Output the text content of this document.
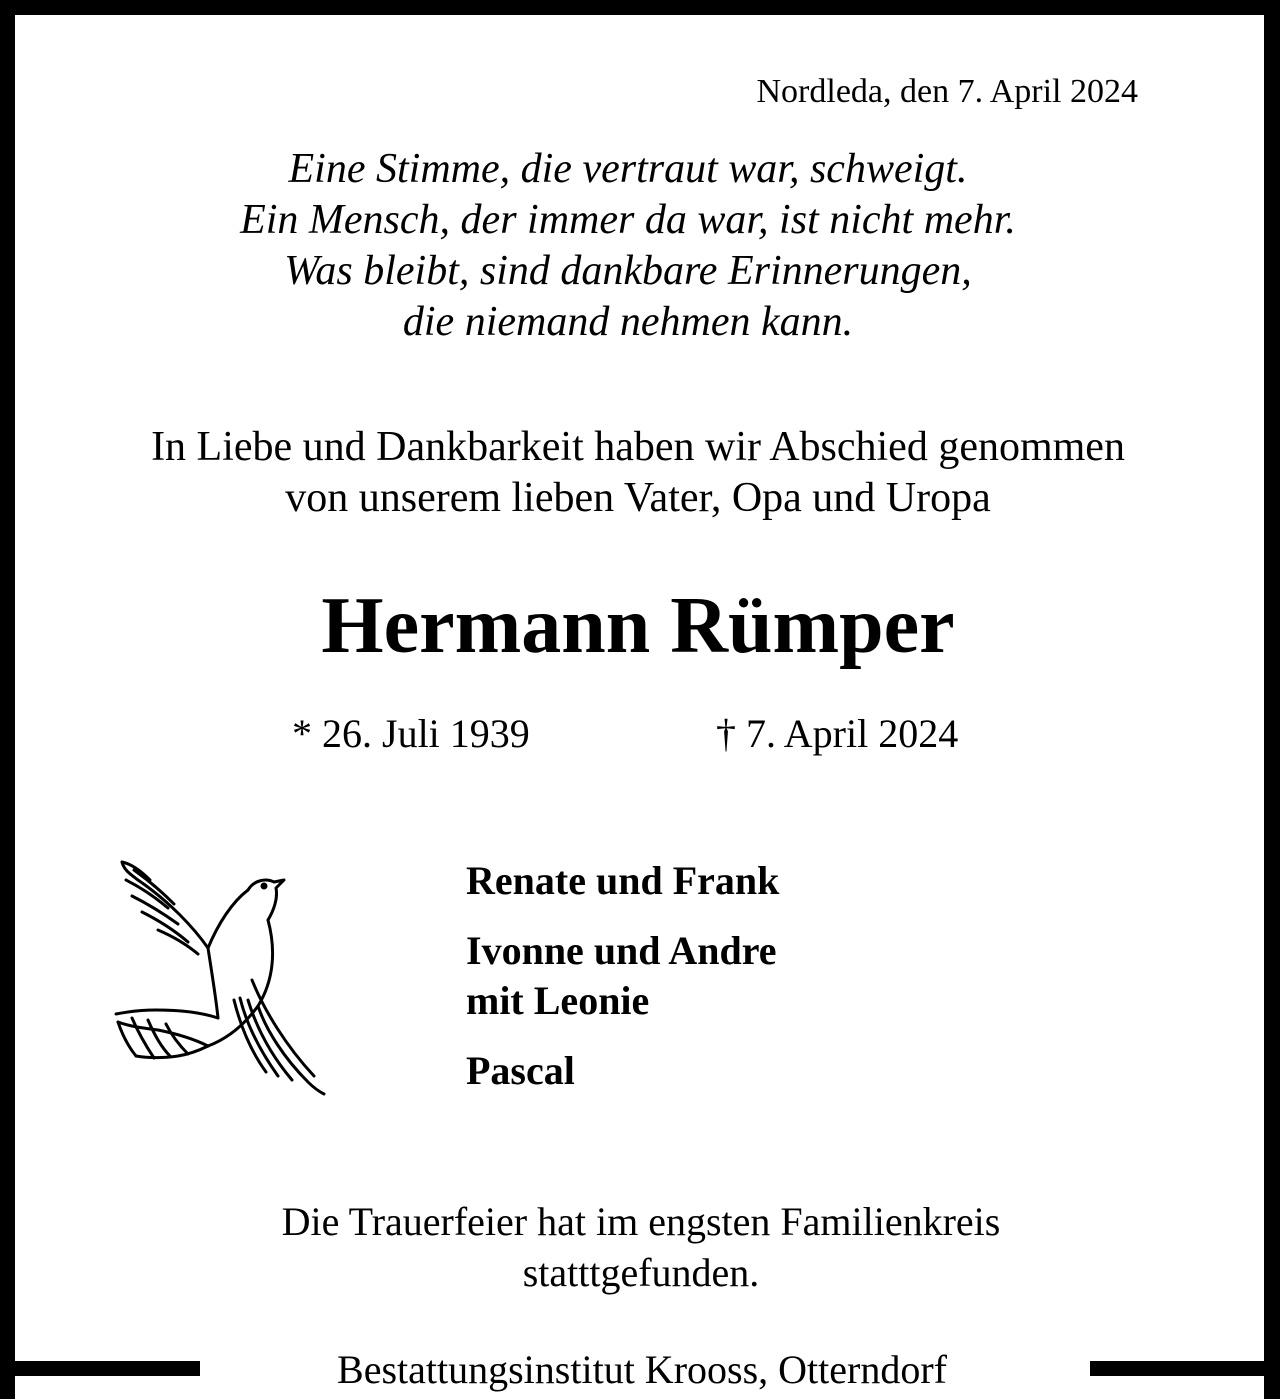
Nordleda, den 7. April 2024
Eine Stimme, die vertraut war, schweigt.
Ein Mensch, der immer da war, ist nicht mehr.
Was bleibt, sind dankbare Erinnerungen,
die niemand nehmen kann.
In Liebe und Dankbarkeit haben wir Abschied genommen
von unserem lieben Vater, Opa und Uropa
Hermann Rümper
* 26. Juli 1939	† 7. April 2024
Renate und Frank
Ivonne und Andre
mit Leonie
Pascal
Die Trauerfeier hat im engsten Familienkreis
statttgefunden.
Bestattungsinstitut Krooss, Otterndorf
